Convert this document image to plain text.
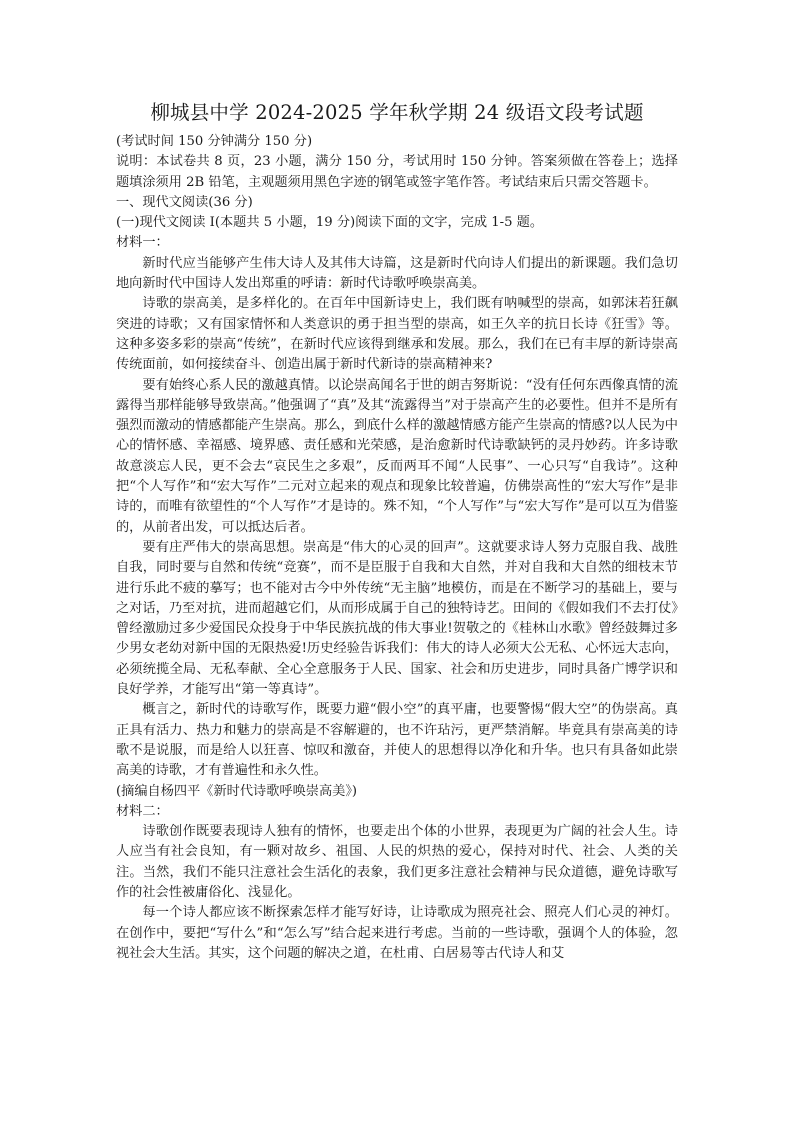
柳城县中学 2024-2025 学年秋学期 24 级语文段考试题

(考试时间 150 分钟满分 150 分)

说明：本试卷共 8 页，23 小题，满分 150 分，考试用时 150 分钟。答案须做在答卷上；选择题填涂须用 2B 铅笔，主观题须用黑色字迹的钢笔或签字笔作答。考试结束后只需交答题卡。

一、现代文阅读(36 分)

(一)现代文阅读 I(本题共 5 小题，19 分)阅读下面的文字，完成 1-5 题。

材料一：

新时代应当能够产生伟大诗人及其伟大诗篇，这是新时代向诗人们提出的新课题。我们急切地向新时代中国诗人发出郑重的呼请：新时代诗歌呼唤崇高美。

诗歌的崇高美，是多样化的。在百年中国新诗史上，我们既有呐喊型的崇高，如郭沫若狂飙突进的诗歌；又有国家情怀和人类意识的勇于担当型的崇高，如王久辛的抗日长诗《狂雪》等。这种多姿多彩的崇高“传统”，在新时代应该得到继承和发展。那么，我们在已有丰厚的新诗崇高传统面前，如何接续奋斗、创造出属于新时代新诗的崇高精神来?

要有始终心系人民的激越真情。以论崇高闻名于世的朗吉努斯说：“没有任何东西像真情的流露得当那样能够导致崇高。”他强调了“真”及其“流露得当”对于崇高产生的必要性。但并不是所有强烈而激动的情感都能产生崇高。那么，到底什么样的激越情感方能产生崇高的情感?以人民为中心的情怀感、幸福感、境界感、责任感和光荣感，是治愈新时代诗歌缺钙的灵丹妙药。许多诗歌故意淡忘人民，更不会去“哀民生之多艰”，反而两耳不闻“人民事”、一心只写“自我诗”。这种把“个人写作”和“宏大写作”二元对立起来的观点和现象比较普遍，仿佛崇高性的“宏大写作”是非诗的，而唯有欲望性的“个人写作”才是诗的。殊不知，“个人写作”与“宏大写作”是可以互为借鉴的，从前者出发，可以抵达后者。

要有庄严伟大的崇高思想。崇高是“伟大的心灵的回声”。这就要求诗人努力克服自我、战胜自我，同时要与自然和传统“竞赛”，而不是臣服于自我和大自然，并对自我和大自然的细枝末节进行乐此不疲的摹写；也不能对古今中外传统“无主脑”地模仿，而是在不断学习的基础上，要与之对话，乃至对抗，进而超越它们，从而形成属于自己的独特诗艺。田间的《假如我们不去打仗》曾经激励过多少爱国民众投身于中华民族抗战的伟大事业!贺敬之的《桂林山水歌》曾经鼓舞过多少男女老幼对新中国的无限热爱!历史经验告诉我们：伟大的诗人必须大公无私、心怀远大志向，必须统揽全局、无私奉献、全心全意服务于人民、国家、社会和历史进步，同时具备广博学识和良好学养，才能写出“第一等真诗”。

概言之，新时代的诗歌写作，既要力避“假小空”的真平庸，也要警惕“假大空”的伪崇高。真正具有活力、热力和魅力的崇高是不容解避的，也不许玷污，更严禁消解。毕竟具有崇高美的诗歌不是说服，而是给人以狂喜、惊叹和激奋，并使人的思想得以净化和升华。也只有具备如此崇高美的诗歌，才有普遍性和永久性。

(摘编自杨四平《新时代诗歌呼唤崇高美》)

材料二：

诗歌创作既要表现诗人独有的情怀，也要走出个体的小世界，表现更为广阔的社会人生。诗人应当有社会良知，有一颗对故乡、祖国、人民的炽热的爱心，保持对时代、社会、人类的关注。当然，我们不能只注意社会生活化的表象，我们更多注意社会精神与民众道德，避免诗歌写作的社会性被庸俗化、浅显化。

每一个诗人都应该不断探索怎样才能写好诗，让诗歌成为照亮社会、照亮人们心灵的神灯。在创作中，要把“写什么”和“怎么写”结合起来进行考虑。当前的一些诗歌，强调个人的体验，忽视社会大生活。其实，这个问题的解决之道，在杜甫、白居易等古代诗人和艾
